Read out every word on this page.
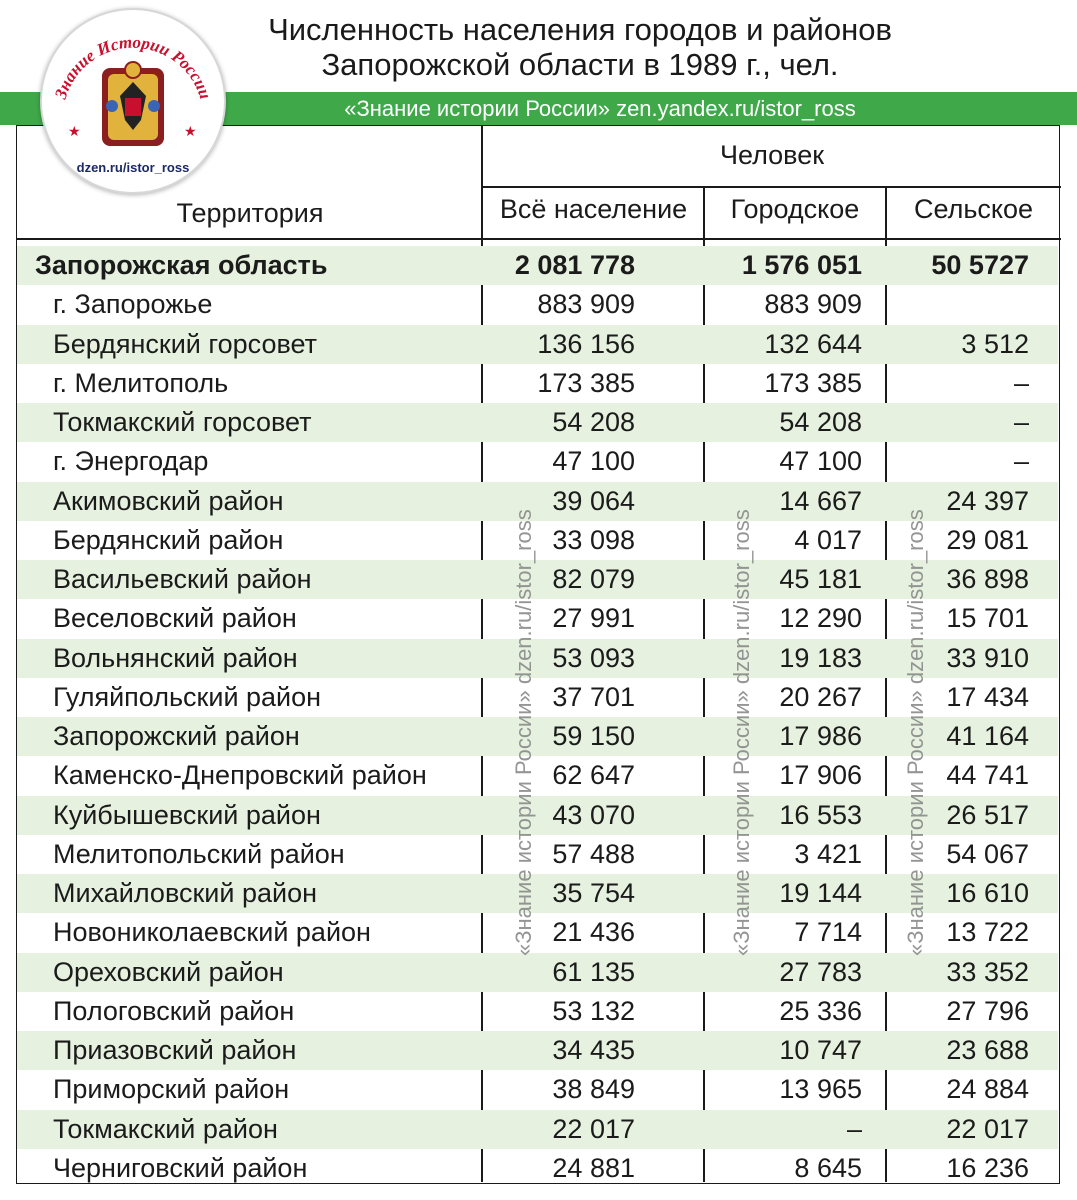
Численность населения городов и районов
Запорожской области в 1989 г., чел.
«Знание истории России» zen.yandex.ru/istor_ross
Знание Истории России
★	★
dzen.ru/istor_ross
Территория
Человек
Всё население	Городское	Сельское
Запорожская область	2 081 778	1 576 051	50 5727
г. Запорожье	883 909	883 909
Бердянский горсовет	136 156	132 644	3 512
г. Мелитополь	173 385	173 385	–
Токмакский горсовет	54 208	54 208	–
г. Энергодар	47 100	47 100	–
Акимовский район	39 064	14 667	24 397
Бердянский район	33 098	4 017	29 081
Васильевский район	82 079	45 181	36 898
Веселовский район	27 991	12 290	15 701
Вольнянский район	53 093	19 183	33 910
Гуляйпольский район	37 701	20 267	17 434
Запорожский район	59 150	17 986	41 164
Каменско-Днепровский район	62 647	17 906	44 741
Куйбышевский район	43 070	16 553	26 517
Мелитопольский район	57 488	3 421	54 067
Михайловский район	35 754	19 144	16 610
Новониколаевский район	21 436	7 714	13 722
Ореховский район	61 135	27 783	33 352
Пологовский район	53 132	25 336	27 796
Приазовский район	34 435	10 747	23 688
Приморский район	38 849	13 965	24 884
Токмакский район	22 017	–	22 017
Черниговский район	24 881	8 645	16 236
«Знание истории России» dzen.ru/istor_ross	«Знание истории России» dzen.ru/istor_ross	«Знание истории России» dzen.ru/istor_ross
